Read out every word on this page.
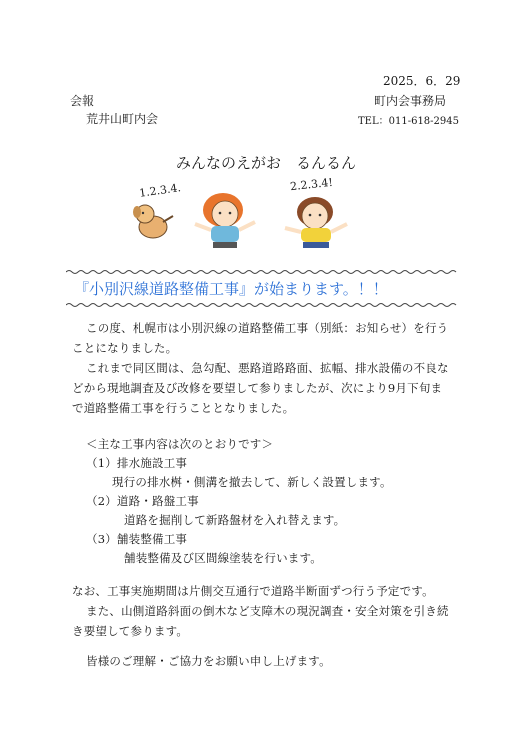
2025．6．29
町内会事務局
TEL：011-618-2945
会報
荒井山町内会
みんなのえがお　るんるん
1.2.3.4.	2.2.3.4!
『小別沢線道路整備工事』が始まります。！！
この度、札幌市は小別沢線の道路整備工事（別紙：お知らせ）を行う
ことになりました。
これまで同区間は、急勾配、悪路道路路面、拡幅、排水設備の不良な
どから現地調査及び改修を要望して参りましたが、次により9月下旬ま
で道路整備工事を行うこととなりました。
＜主な工事内容は次のとおりです＞
（1）排水施設工事
現行の排水桝・側溝を撤去して、新しく設置します。
（2）道路・路盤工事
道路を掘削して新路盤材を入れ替えます。
（3）舗装整備工事
舗装整備及び区間線塗装を行います。
なお、工事実施期間は片側交互通行で道路半断面ずつ行う予定です。
また、山側道路斜面の倒木など支障木の現況調査・安全対策を引き続
き要望して参ります。
皆様のご理解・ご協力をお願い申し上げます。
